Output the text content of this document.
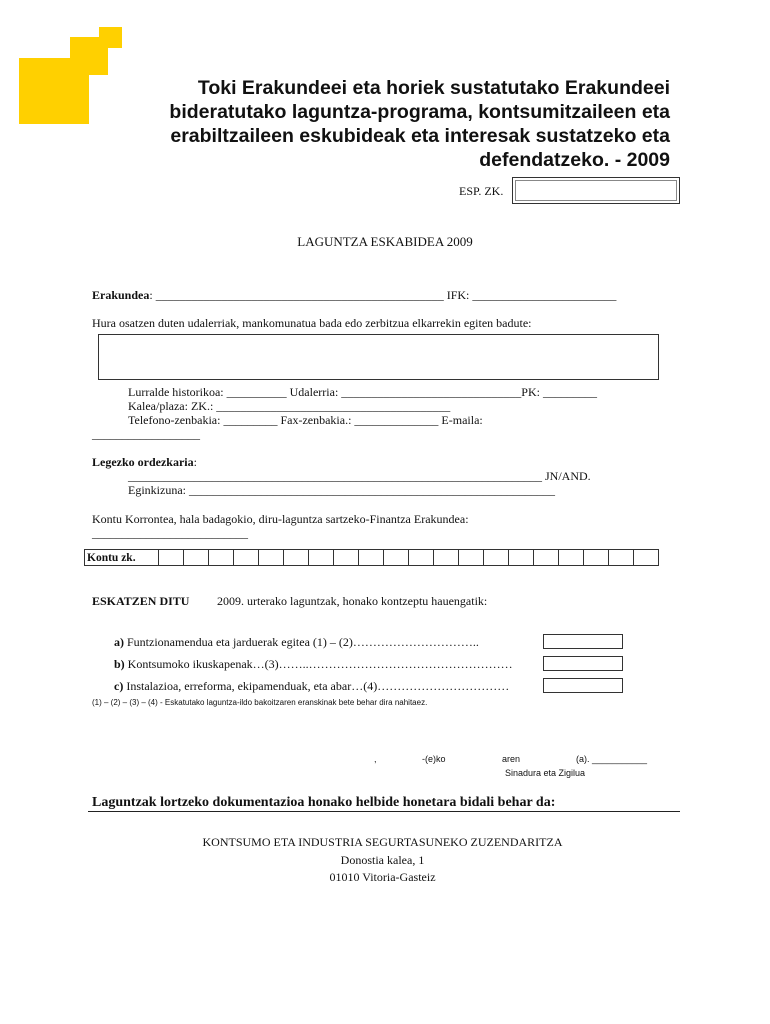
Toki Erakundeei eta horiek sustatutako Erakundeei
bideratutako laguntza-programa, kontsumitzaileen eta
erabiltzaileen eskubideak eta interesak sustatzeko eta
defendatzeko. - 2009
ESP. ZK.
LAGUNTZA ESKABIDEA 2009
Erakundea: ________________________________________________ IFK: ________________________
Hura osatzen duten udalerriak, mankomunatua bada edo zerbitzua elkarrekin egiten badute:
Lurralde historikoa: __________ Udalerria: ______________________________PK: _________
Kalea/plaza: ZK.: _______________________________________
Telefono-zenbakia: _________ Fax-zenbakia.: ______________ E-maila:
__________________
Legezko ordezkaria:
_____________________________________________________________________ JN/AND.
Eginkizuna: _____________________________________________________________
Kontu Korrontea, hala badagokio, diru-laguntza sartzeko-Finantza Erakundea:
__________________________
Kontu zk.																				
ESKATZEN DITU 2009. urterako laguntzak, honako kontzeptu hauengatik:
a) Funtzionamendua eta jarduerak egitea (1) – (2)…………………………..
b) Kontsumoko ikuskapenak…(3)……..……………………………………………
c) Instalazioa, erreforma, ekipamenduak, eta abar…(4)……………………………
(1) – (2) – (3) – (4) - Eskatutako laguntza-ildo bakoitzaren eranskinak bete behar dira nahitaez.
,	-(e)ko	aren	(a). ___________
Sinadura eta Zigilua
Laguntzak lortzeko dokumentazioa honako helbide honetara bidali behar da:
KONTSUMO ETA INDUSTRIA SEGURTASUNEKO ZUZENDARITZA
Donostia kalea, 1
01010 Vitoria-Gasteiz
